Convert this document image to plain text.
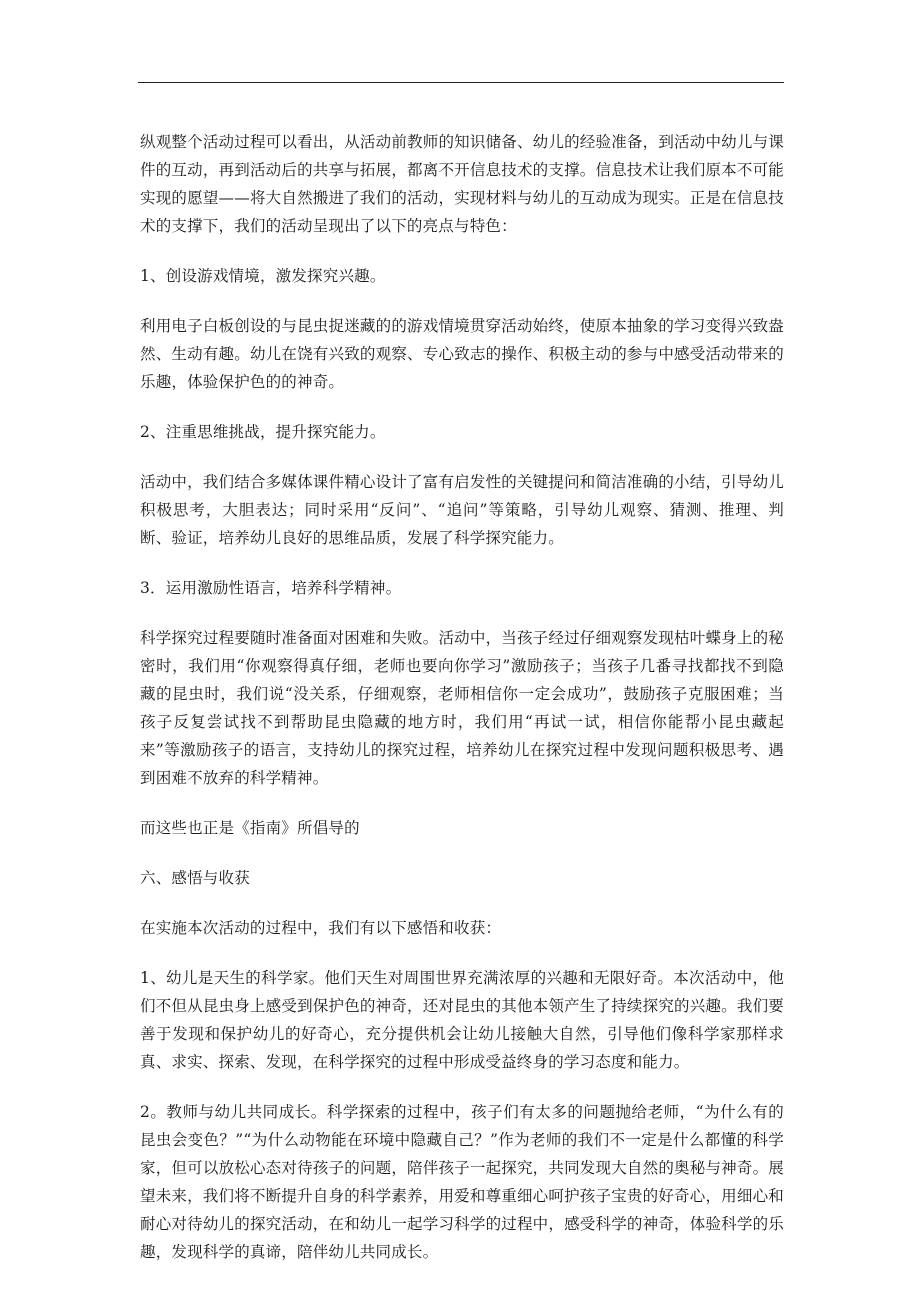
纵观整个活动过程可以看出，从活动前教师的知识储备、幼儿的经验准备，到活动中幼儿与课件的互动，再到活动后的共享与拓展，都离不开信息技术的支撑。信息技术让我们原本不可能实现的愿望——将大自然搬进了我们的活动，实现材料与幼儿的互动成为现实。正是在信息技术的支撑下，我们的活动呈现出了以下的亮点与特色：

1、创设游戏情境，激发探究兴趣。

利用电子白板创设的与昆虫捉迷藏的的游戏情境贯穿活动始终，使原本抽象的学习变得兴致盎然、生动有趣。幼儿在饶有兴致的观察、专心致志的操作、积极主动的参与中感受活动带来的乐趣，体验保护色的的神奇。

2、注重思维挑战，提升探究能力。

活动中，我们结合多媒体课件精心设计了富有启发性的关键提问和简洁准确的小结，引导幼儿积极思考，大胆表达；同时采用“反问”、“追问”等策略，引导幼儿观察、猜测、推理、判断、验证，培养幼儿良好的思维品质，发展了科学探究能力。

3．运用激励性语言，培养科学精神。

科学探究过程要随时准备面对困难和失败。活动中，当孩子经过仔细观察发现枯叶蝶身上的秘密时，我们用“你观察得真仔细，老师也要向你学习”激励孩子；当孩子几番寻找都找不到隐藏的昆虫时，我们说“没关系，仔细观察，老师相信你一定会成功”，鼓励孩子克服困难；当孩子反复尝试找不到帮助昆虫隐藏的地方时，我们用“再试一试，相信你能帮小昆虫藏起来”等激励孩子的语言，支持幼儿的探究过程，培养幼儿在探究过程中发现问题积极思考、遇到困难不放弃的科学精神。

而这些也正是《指南》所倡导的

六、感悟与收获

在实施本次活动的过程中，我们有以下感悟和收获：

1、幼儿是天生的科学家。他们天生对周围世界充满浓厚的兴趣和无限好奇。本次活动中，他们不但从昆虫身上感受到保护色的神奇，还对昆虫的其他本领产生了持续探究的兴趣。我们要善于发现和保护幼儿的好奇心，充分提供机会让幼儿接触大自然，引导他们像科学家那样求真、求实、探索、发现，在科学探究的过程中形成受益终身的学习态度和能力。

2。教师与幼儿共同成长。科学探索的过程中，孩子们有太多的问题抛给老师，“为什么有的昆虫会变色？”“为什么动物能在环境中隐藏自己？”作为老师的我们不一定是什么都懂的科学家，但可以放松心态对待孩子的问题，陪伴孩子一起探究，共同发现大自然的奥秘与神奇。展望未来，我们将不断提升自身的科学素养，用爱和尊重细心呵护孩子宝贵的好奇心，用细心和耐心对待幼儿的探究活动，在和幼儿一起学习科学的过程中，感受科学的神奇，体验科学的乐趣，发现科学的真谛，陪伴幼儿共同成长。
